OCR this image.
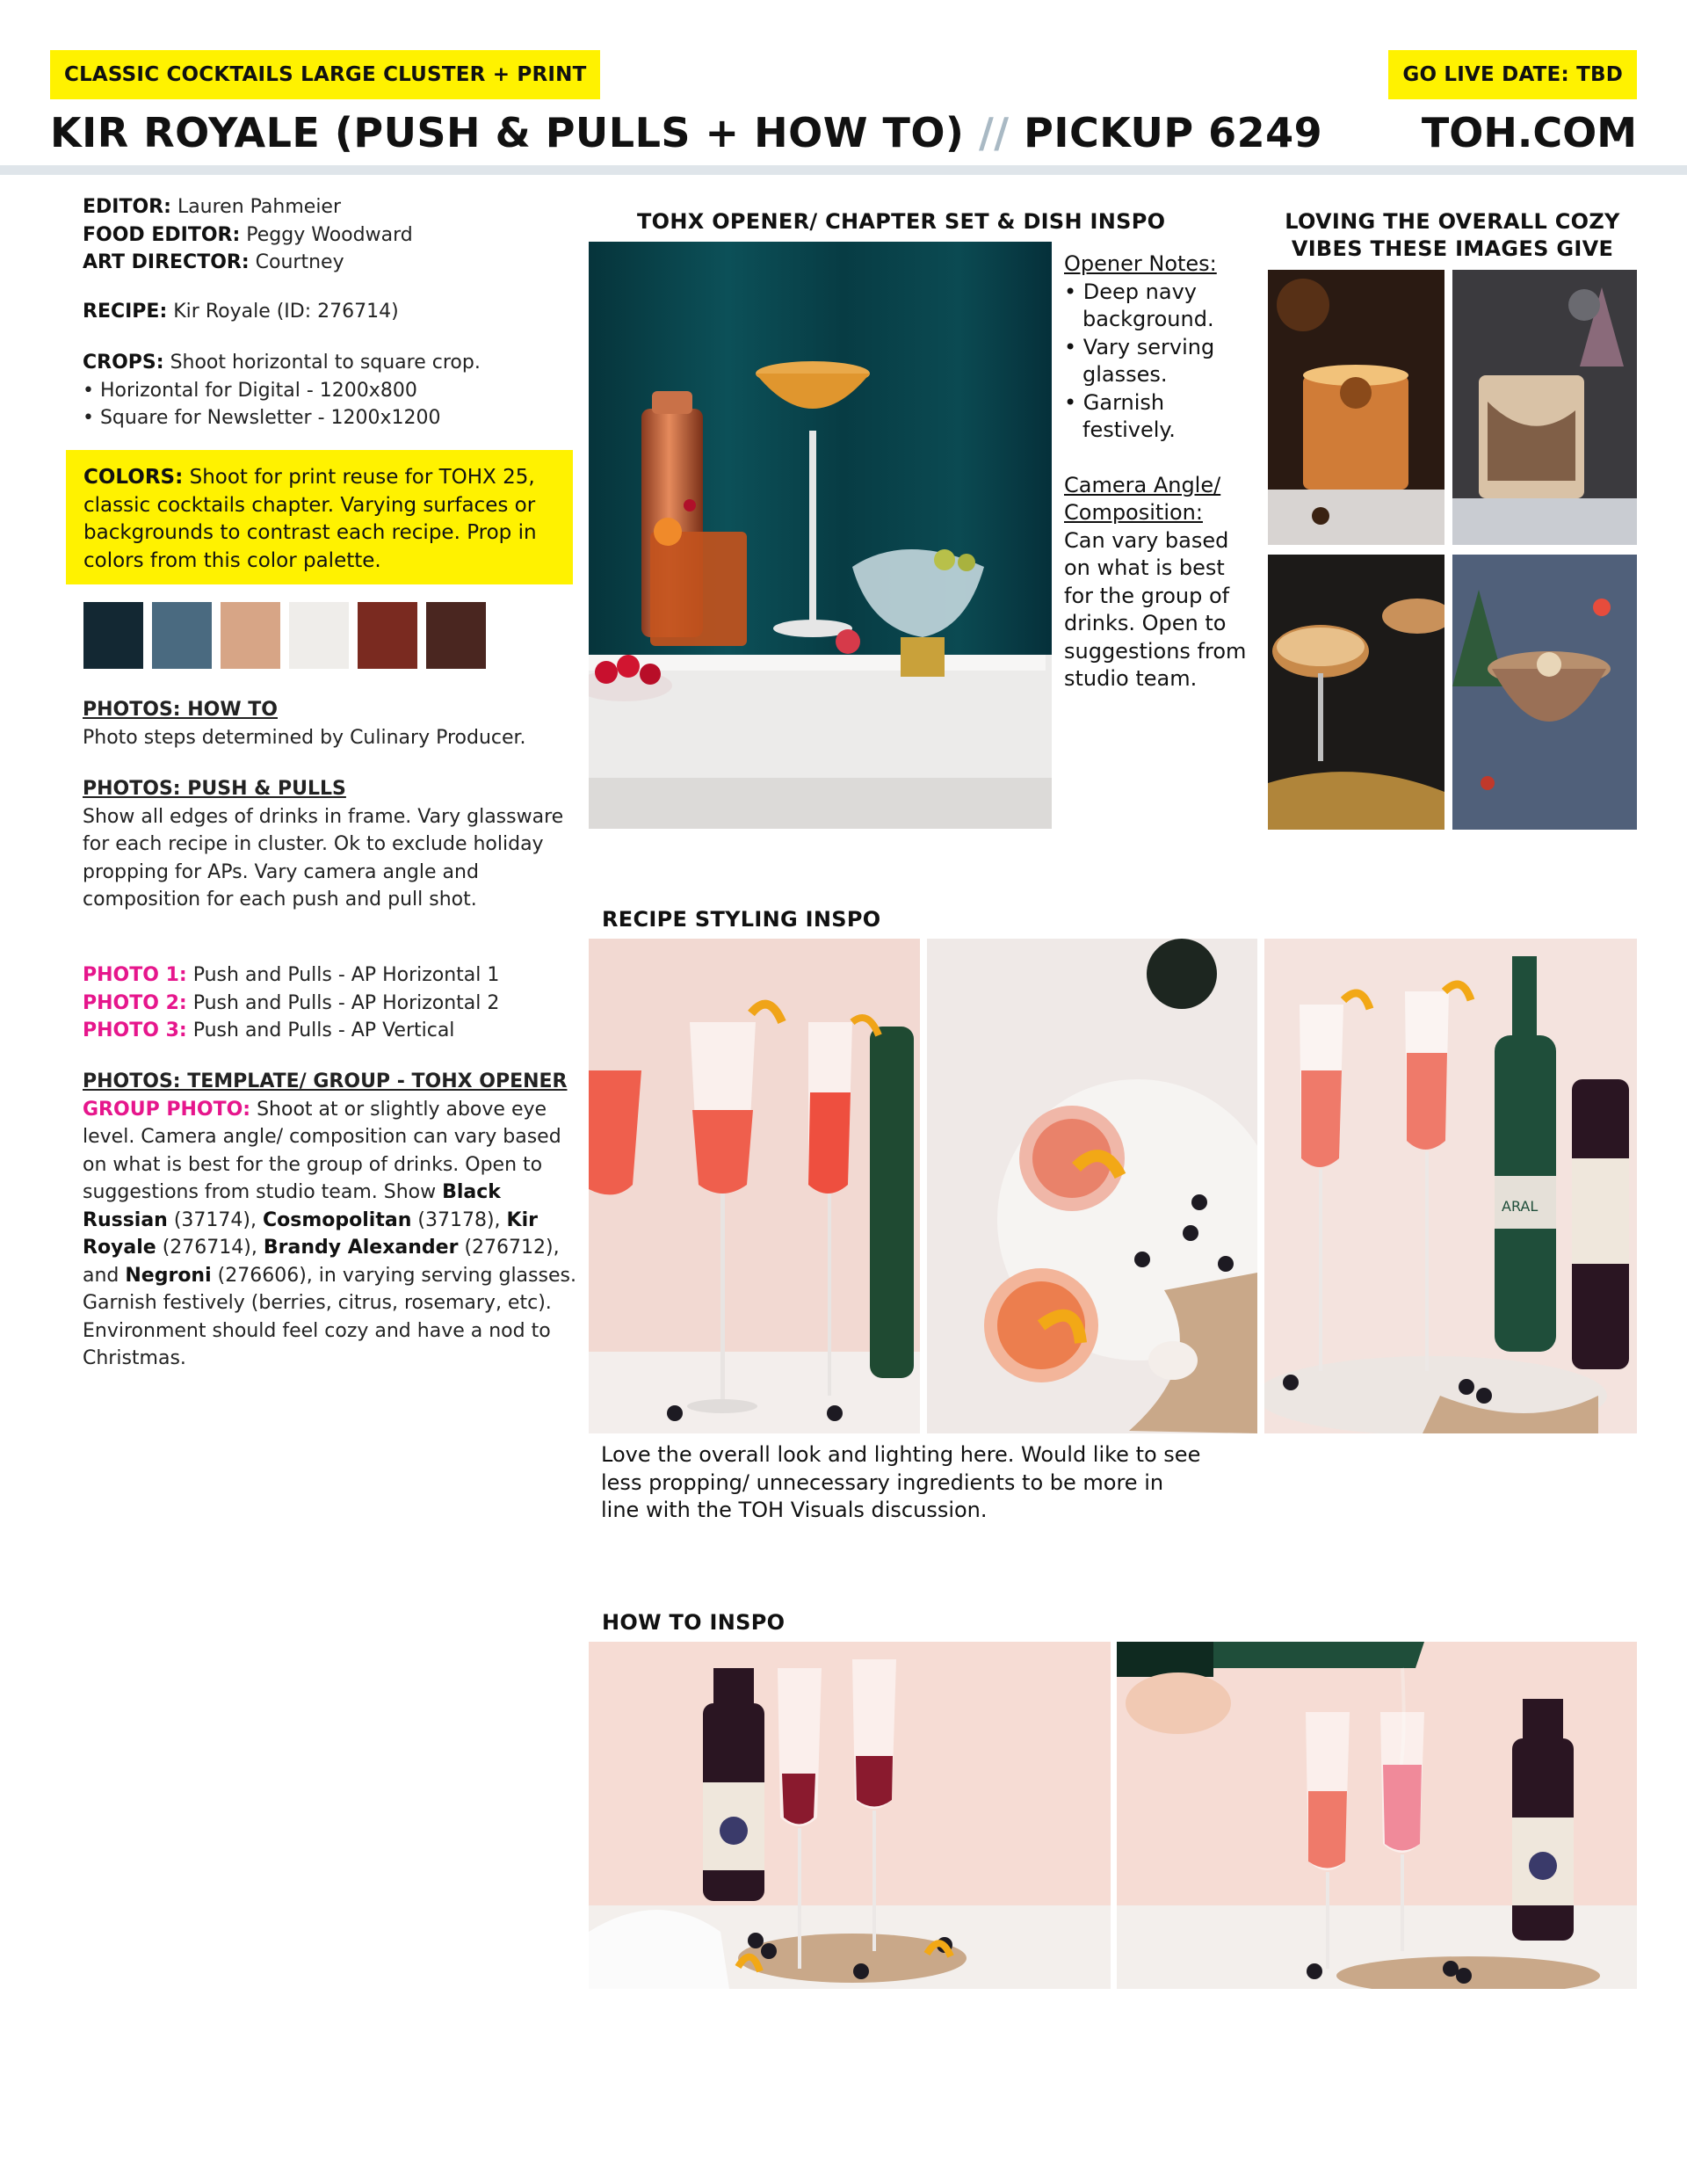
CLASSIC COCKTAILS LARGE CLUSTER + PRINT	GO LIVE DATE: TBD
KIR ROYALE (PUSH & PULLS + HOW TO) // PICKUP 6249 TOH.COM
EDITOR: Lauren Pahmeier
FOOD EDITOR: Peggy Woodward
ART DIRECTOR: Courtney
RECIPE: Kir Royale (ID: 276714)
CROPS: Shoot horizontal to square crop.
• Horizontal for Digital - 1200x800
• Square for Newsletter - 1200x1200
COLORS: Shoot for print reuse for TOHX 25, classic cocktails chapter. Varying surfaces or backgrounds to contrast each recipe. Prop in colors from this color palette.
PHOTOS: HOW TO
Photo steps determined by Culinary Producer.
PHOTOS: PUSH & PULLS
Show all edges of drinks in frame. Vary glassware for each recipe in cluster. Ok to exclude holiday propping for APs. Vary camera angle and composition for each push and pull shot.
PHOTO 1: Push and Pulls - AP Horizontal 1
PHOTO 2: Push and Pulls - AP Horizontal 2
PHOTO 3: Push and Pulls - AP Vertical
PHOTOS: TEMPLATE/ GROUP - TOHX OPENER
GROUP PHOTO: Shoot at or slightly above eye level. Camera angle/ composition can vary based on what is best for the group of drinks. Open to suggestions from studio team. Show Black Russian (37174), Cosmopolitan (37178), Kir Royale (276714), Brandy Alexander (276712), and Negroni (276606), in varying serving glasses. Garnish festively (berries, citrus, rosemary, etc). Environment should feel cozy and have a nod to Christmas.
TOHX OPENER/ CHAPTER SET & DISH INSPO
Opener Notes:
• Deep navy
background.
• Vary serving
glasses.
• Garnish
festively.
Camera Angle/
Composition:
Can vary based
on what is best
for the group of
drinks. Open to
suggestions from
studio team.
LOVING THE OVERALL COZY
VIBES THESE IMAGES GIVE
RECIPE STYLING INSPO
ARAL
Love the overall look and lighting here. Would like to see
less propping/ unnecessary ingredients to be more in
line with the TOH Visuals discussion.
HOW TO INSPO
